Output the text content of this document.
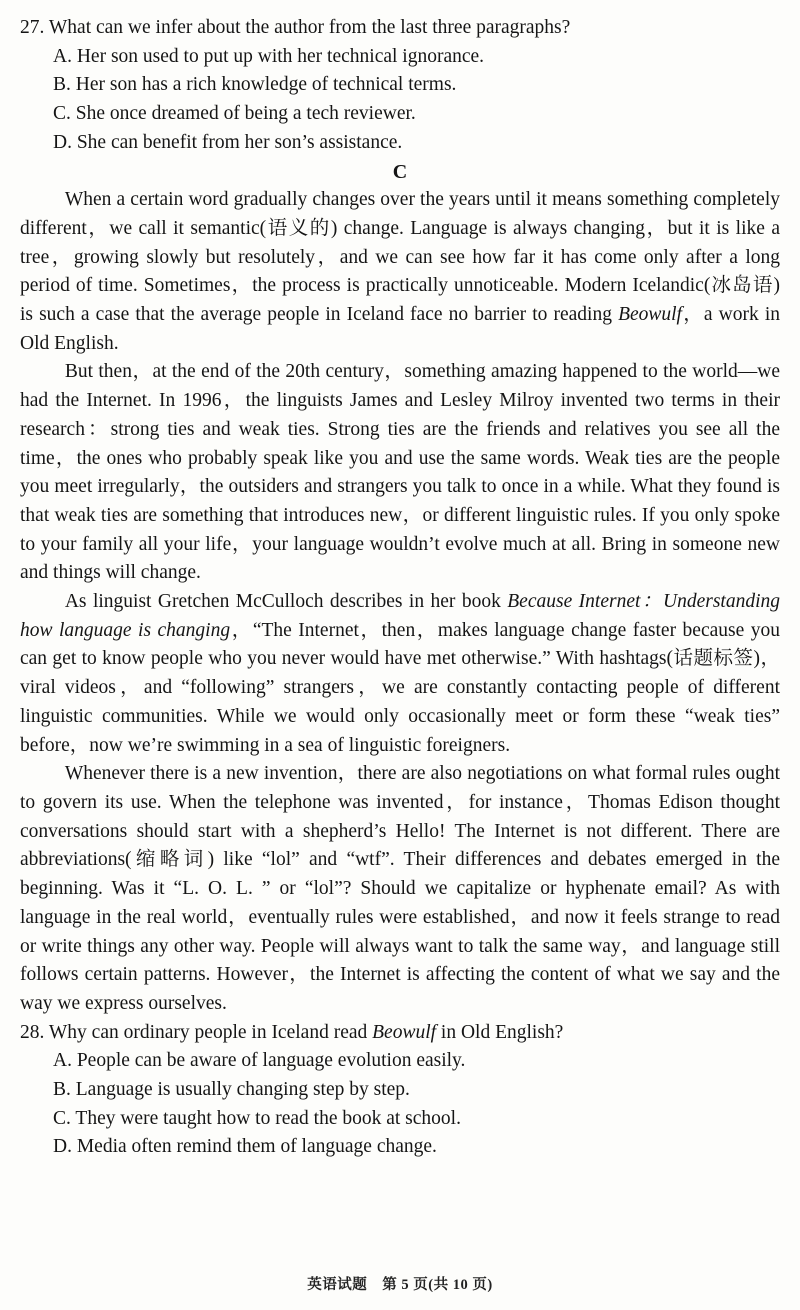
27. What can we infer about the author from the last three paragraphs?
A. Her son used to put up with her technical ignorance.
B. Her son has a rich knowledge of technical terms.
C. She once dreamed of being a tech reviewer.
D. She can benefit from her son’s assistance.
C

When a certain word gradually changes over the years until it means something completely different，we call it semantic(语义的) change. Language is always changing，but it is like a tree，growing slowly but resolutely，and we can see how far it has come only after a long period of time. Sometimes，the process is practically unnoticeable. Modern Icelandic(冰岛语) is such a case that the average people in Iceland face no barrier to reading Beowulf，a work in Old English.

But then，at the end of the 20th century，something amazing happened to the world—we had the Internet. In 1996，the linguists James and Lesley Milroy invented two terms in their research：strong ties and weak ties. Strong ties are the friends and relatives you see all the time，the ones who probably speak like you and use the same words. Weak ties are the people you meet irregularly，the outsiders and strangers you talk to once in a while. What they found is that weak ties are something that introduces new，or different linguistic rules. If you only spoke to your family all your life，your language wouldn’t evolve much at all. Bring in someone new and things will change.

As linguist Gretchen McCulloch describes in her book Because Internet：Understanding how language is changing，“The Internet，then，makes language change faster because you can get to know people who you never would have met otherwise.” With hashtags(话题标签)，viral videos，and “following” strangers，we are constantly contacting people of different linguistic communities. While we would only occasionally meet or form these “weak ties” before，now we’re swimming in a sea of linguistic foreigners.

Whenever there is a new invention，there are also negotiations on what formal rules ought to govern its use. When the telephone was invented，for instance，Thomas Edison thought conversations should start with a shepherd’s Hello! The Internet is not different. There are abbreviations(缩略词) like “lol” and “wtf”. Their differences and debates emerged in the beginning. Was it “L. O. L. ” or “lol”? Should we capitalize or hyphenate email? As with language in the real world，eventually rules were established，and now it feels strange to read or write things any other way. People will always want to talk the same way，and language still follows certain patterns. However，the Internet is affecting the content of what we say and the way we express ourselves.

28. Why can ordinary people in Iceland read Beowulf in Old English?
A. People can be aware of language evolution easily.
B. Language is usually changing step by step.
C. They were taught how to read the book at school.
D. Media often remind them of language change.
英语试题　第 5 页(共 10 页)
